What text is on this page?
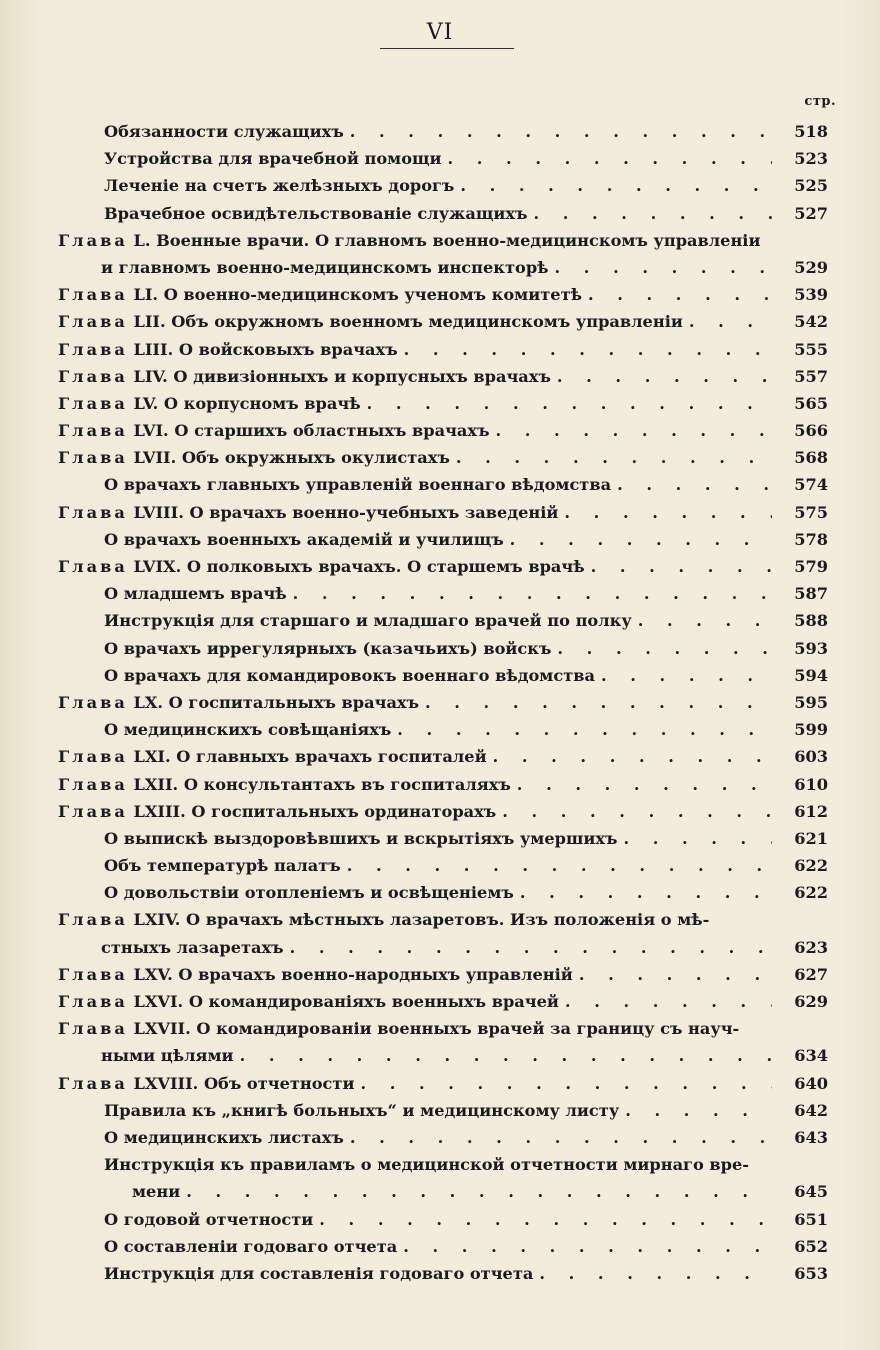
VI
стр.
Обязанности служащихъ . . .	518
Устройства для врачебной помощи . . .	523
Леченіе на счетъ желѣзныхъ дорогъ . . .	525
Врачебное освидѣтельствованіе служащихъ . . .	527
Глава L. Военные врачи. О главномъ военно-медицинскомъ управленіи
и главномъ военно-медицинскомъ инспекторѣ . . .	529
Глава LI. О военно-медицинскомъ ученомъ комитетѣ . . .	539
Глава LII. Объ окружномъ военномъ медицинскомъ управленіи . . .	542
Глава LIII. О войсковыхъ врачахъ . . .	555
Глава LIV. О дивизіонныхъ и корпусныхъ врачахъ . . .	557
Глава LV. О корпусномъ врачѣ . . .	565
Глава LVI. О старшихъ областныхъ врачахъ . . .	566
Глава LVII. Объ окружныхъ окулистахъ . . .	568
О врачахъ главныхъ управленій военнаго вѣдомства . . .	574
Глава LVIII. О врачахъ военно-учебныхъ заведеній . . .	575
О врачахъ военныхъ академій и училищъ . . .	578
Глава LVIX. О полковыхъ врачахъ. О старшемъ врачѣ . . .	579
О младшемъ врачѣ . . .	587
Инструкція для старшаго и младшаго врачей по полку . . .	588
О врачахъ иррегулярныхъ (казачьихъ) войскъ . . .	593
О врачахъ для командировокъ военнаго вѣдомства . . .	594
Глава LX. О госпитальныхъ врачахъ . . .	595
О медицинскихъ совѣщаніяхъ . . .	599
Глава LXI. О главныхъ врачахъ госпиталей . . .	603
Глава LXII. О консультантахъ въ госпиталяхъ . . .	610
Глава LXIII. О госпитальныхъ ординаторахъ . . .	612
О выпискѣ выздоровѣвшихъ и вскрытіяхъ умершихъ . . .	621
Объ температурѣ палатъ . . .	622
О довольствіи отопленіемъ и освѣщеніемъ . . .	622
Глава LXIV. О врачахъ мѣстныхъ лазаретовъ. Изъ положенія о мѣ-
стныхъ лазаретахъ . . .	623
Глава LXV. О врачахъ военно-народныхъ управленій . . .	627
Глава LXVI. О командированіяхъ военныхъ врачей . . .	629
Глава LXVII. О командированіи военныхъ врачей за границу съ науч-
ными цѣлями . . .	634
Глава LXVIII. Объ отчетности . . .	640
Правила къ „книгѣ больныхъ“ и медицинскому листу . . .	642
О медицинскихъ листахъ . . .	643
Инструкція къ правиламъ о медицинской отчетности мирнаго вре-
мени . . .	645
О годовой отчетности . . .	651
О составленіи годоваго отчета . . .	652
Инструкція для составленія годоваго отчета . . .	653
